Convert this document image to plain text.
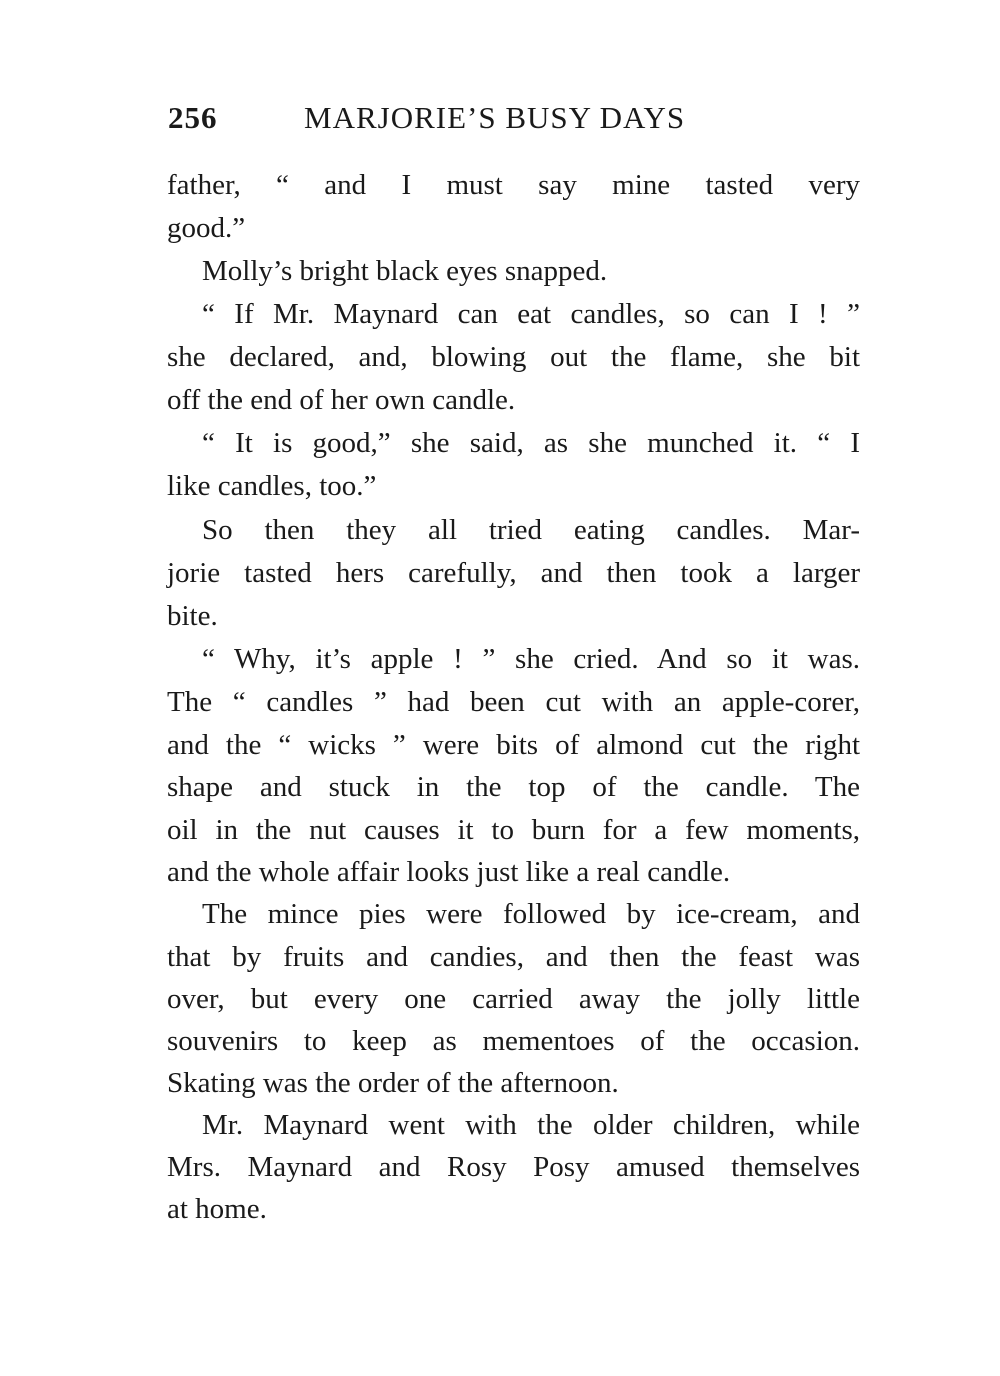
256	MARJORIE’S BUSY DAYS
father, “ and I must say mine tasted very
good.”
Molly’s bright black eyes snapped.
“ If Mr. Maynard can eat candles, so can I ! ”
she declared, and, blowing out the flame, she bit
off the end of her own candle.
“ It is good,” she said, as she munched it. “ I
like candles, too.”
So then they all tried eating candles. Mar-
jorie tasted hers carefully, and then took a larger
bite.
“ Why, it’s apple ! ” she cried. And so it was.
The “ candles ” had been cut with an apple-corer,
and the “ wicks ” were bits of almond cut the right
shape and stuck in the top of the candle. The
oil in the nut causes it to burn for a few moments,
and the whole affair looks just like a real candle.
The mince pies were followed by ice-cream, and
that by fruits and candies, and then the feast was
over, but every one carried away the jolly little
souvenirs to keep as mementoes of the occasion.
Skating was the order of the afternoon.
Mr. Maynard went with the older children, while
Mrs. Maynard and Rosy Posy amused themselves
at home.
